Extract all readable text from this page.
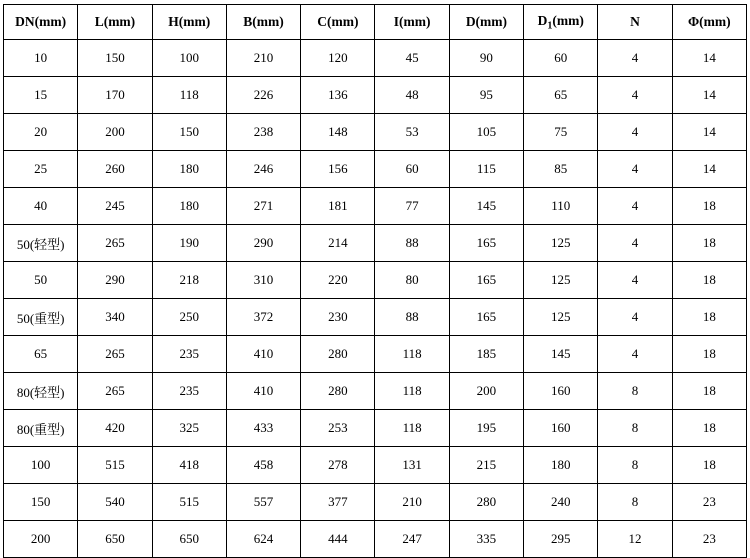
DN(mm)	L(mm)	H(mm)	B(mm)	C(mm)	I(mm)	D(mm)	$D_1(mm)$	N	Φ(mm)
10	150	100	210	120	45	90	60	4	14
15	170	118	226	136	48	95	65	4	14
20	200	150	238	148	53	105	75	4	14
25	260	180	246	156	60	115	85	4	14
40	245	180	271	181	77	145	110	4	18
50(轻型)	265	190	290	214	88	165	125	4	18
50	290	218	310	220	80	165	125	4	18
50(重型)	340	250	372	230	88	165	125	4	18
65	265	235	410	280	118	185	145	4	18
80(轻型)	265	235	410	280	118	200	160	8	18
80(重型)	420	325	433	253	118	195	160	8	18
100	515	418	458	278	131	215	180	8	18
150	540	515	557	377	210	280	240	8	23
200	650	650	624	444	247	335	295	12	23
